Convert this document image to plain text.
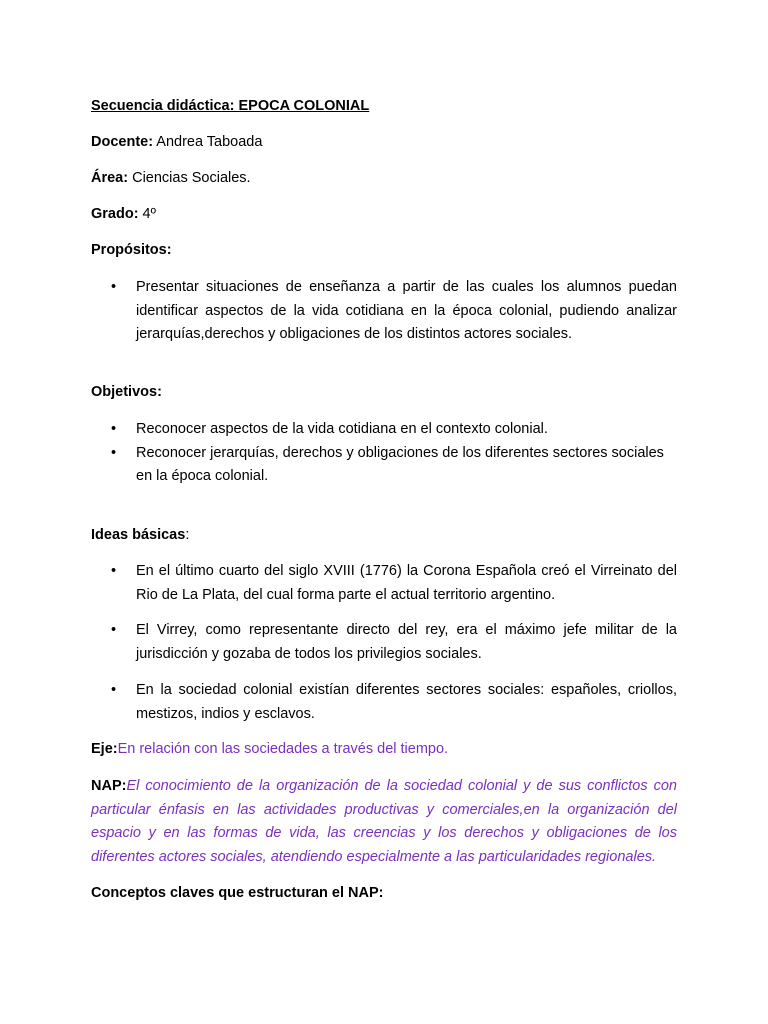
Secuencia didáctica: EPOCA COLONIAL

Docente: Andrea Taboada

Área: Ciencias Sociales.

Grado: 4º

Propósitos:

• Presentar situaciones de enseñanza a partir de las cuales los alumnos puedan identificar aspectos de la vida cotidiana en la época colonial, pudiendo analizar jerarquías,derechos y obligaciones de los distintos actores sociales.

Objetivos:

• Reconocer aspectos de la vida cotidiana en el contexto colonial.
• Reconocer jerarquías, derechos y obligaciones de los diferentes sectores sociales en la época colonial.

Ideas básicas:

• En el último cuarto del siglo XVIII (1776) la Corona Española creó el Virreinato del Rio de La Plata, del cual forma parte el actual territorio argentino.
• El Virrey, como representante directo del rey, era el máximo jefe militar de la jurisdicción y gozaba de todos los privilegios sociales.
• En la sociedad colonial existían diferentes sectores sociales: españoles, criollos, mestizos, indios y esclavos.

Eje:En relación con las sociedades a través del tiempo.

NAP:El conocimiento de la organización de la sociedad colonial y de sus conflictos con particular énfasis en las actividades productivas y comerciales,en la organización del espacio y en las formas de vida, las creencias y los derechos y obligaciones de los diferentes actores sociales, atendiendo especialmente a las particularidades regionales.

Conceptos claves que estructuran el NAP:
